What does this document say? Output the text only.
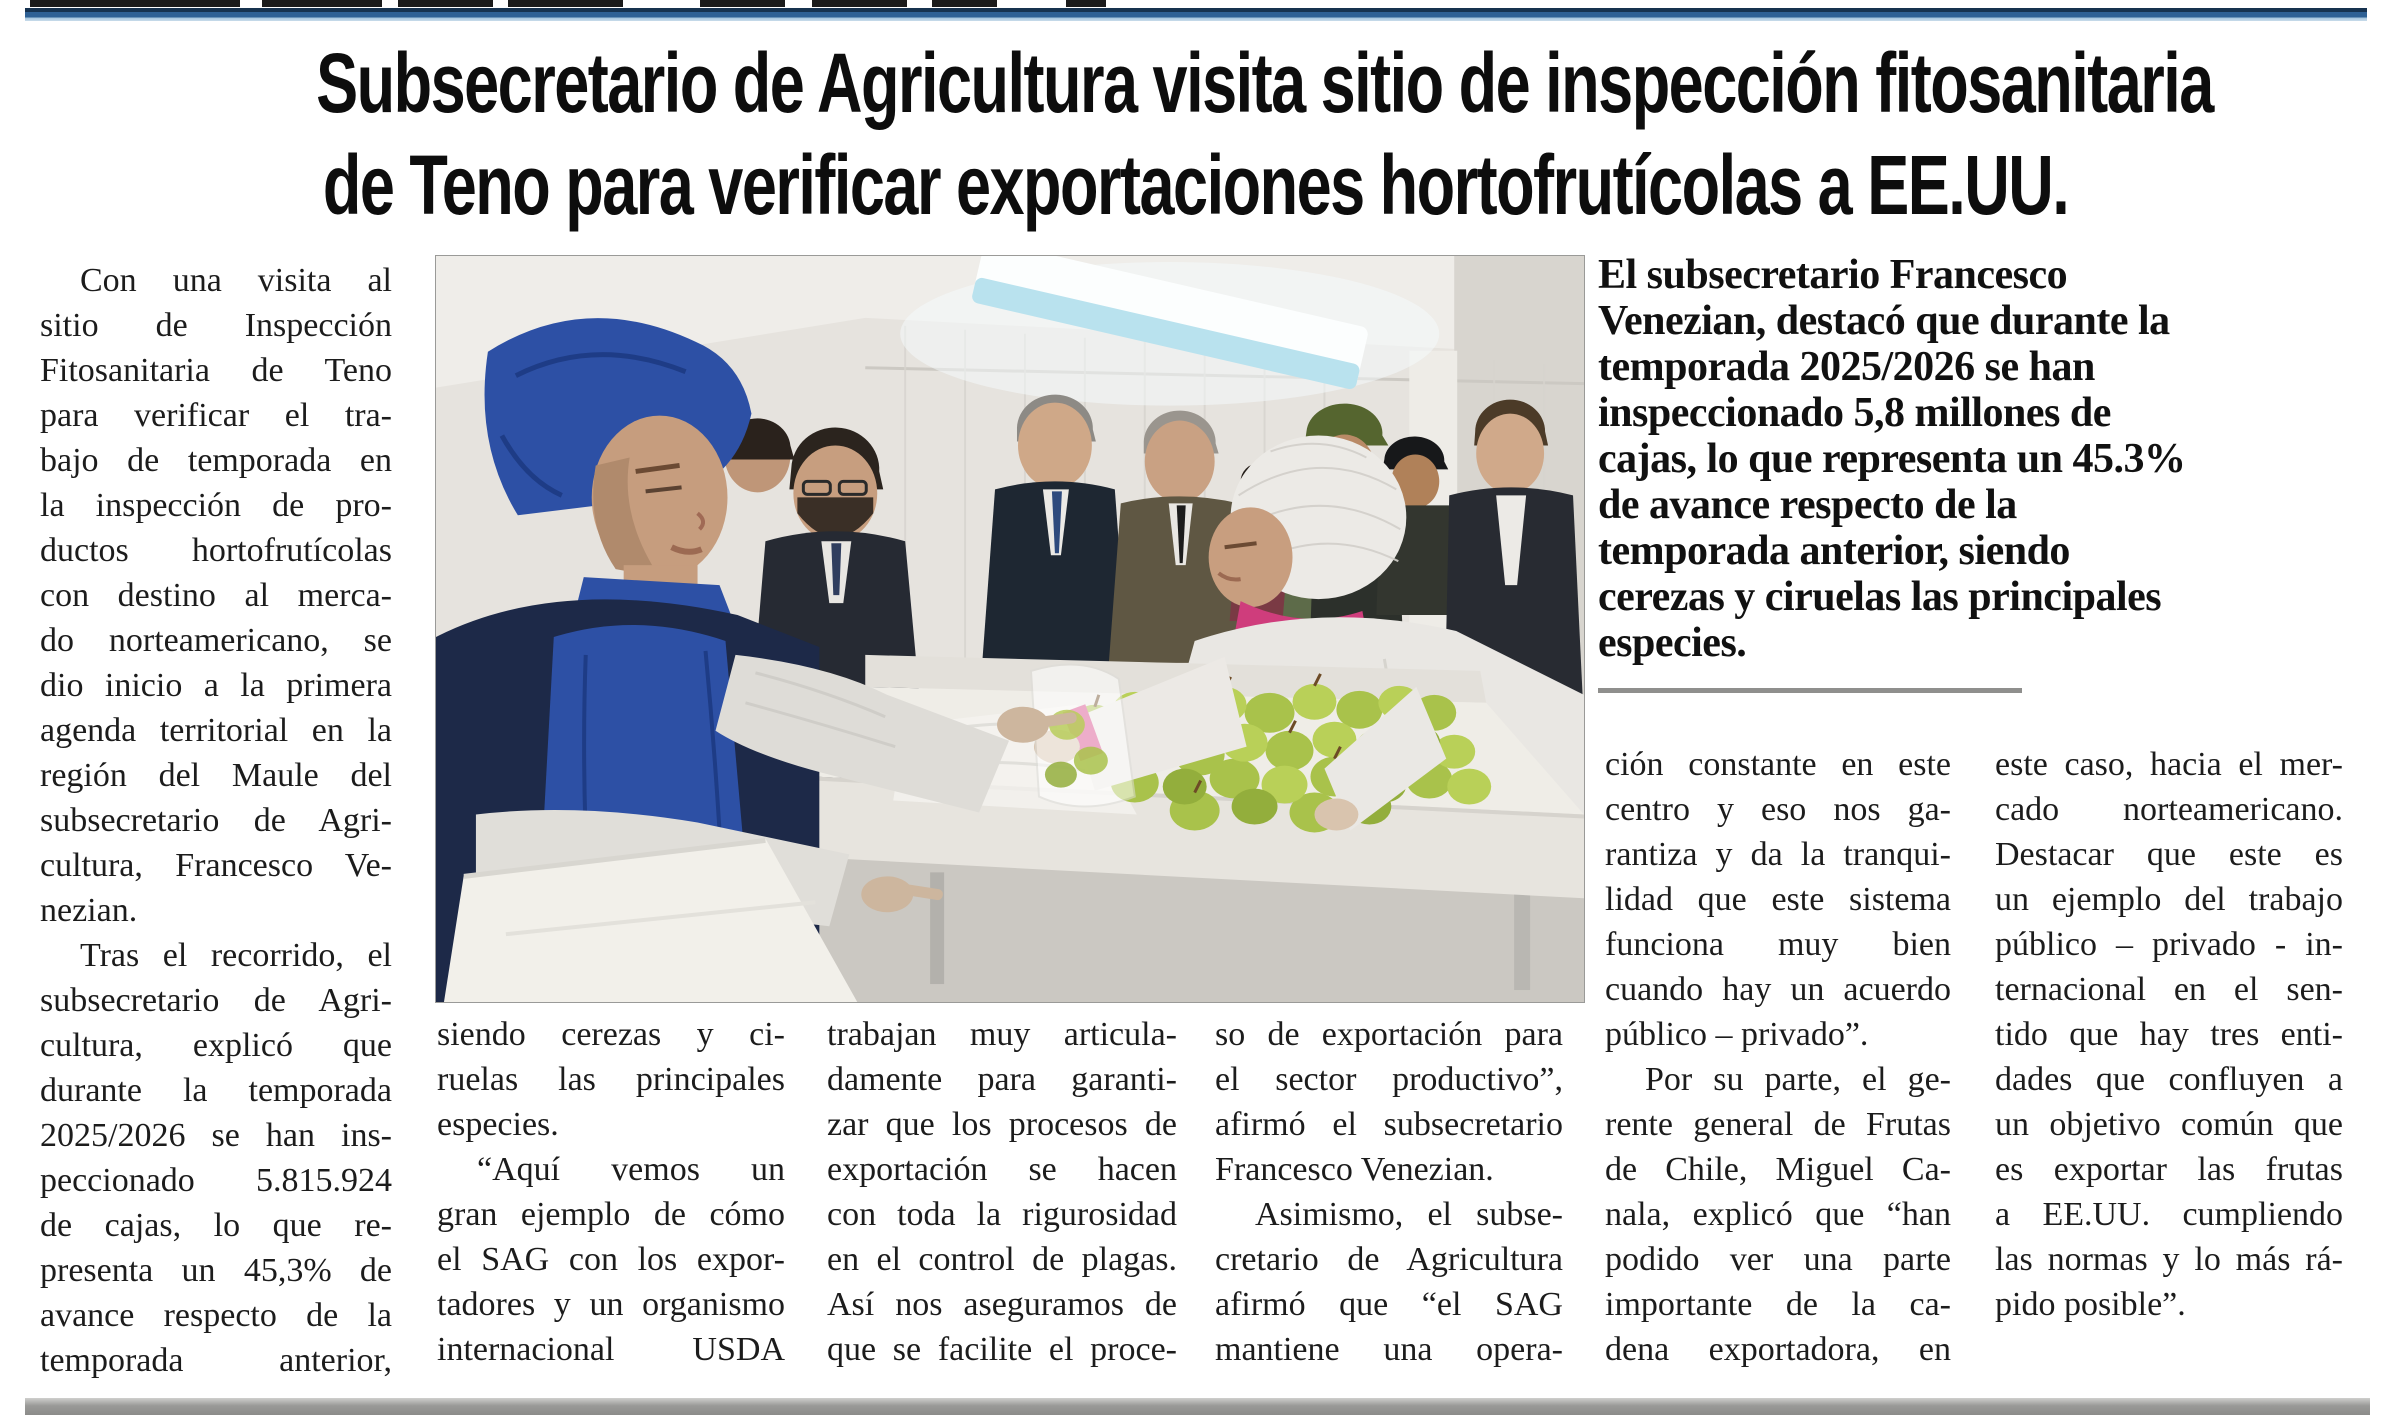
Subsecretario de Agricultura visita sitio de inspección fitosanitaria
de Teno para verificar exportaciones hortofrutícolas a EE.UU.
Con una visita al
sitio de Inspección
Fitosanitaria de Teno
para verificar el tra-
bajo de temporada en
la inspección de pro-
ductos hortofrutícolas
con destino al merca-
do norteamericano, se
dio inicio a la primera
agenda territorial en la
región del Maule del
subsecretario de Agri-
cultura, Francesco Ve-
nezian.
Tras el recorrido, el
subsecretario de Agri-
cultura, explicó que
durante la temporada
2025/2026 se han ins-
peccionado 5.815.924
de cajas, lo que re-
presenta un 45,3% de
avance respecto de la
temporada anterior,
El subsecretario Francesco
Venezian, destacó que durante la
temporada 2025/2026 se han
inspeccionado 5,8 millones de
cajas, lo que representa un 45.3%
de avance respecto de la
temporada anterior, siendo
cerezas y ciruelas las principales
especies.
siendo cerezas y ci-
ruelas las principales
especies.
“Aquí vemos un
gran ejemplo de cómo
el SAG con los expor-
tadores y un organismo
internacional USDA
trabajan muy articula-
damente para garanti-
zar que los procesos de
exportación se hacen
con toda la rigurosidad
en el control de plagas.
Así nos aseguramos de
que se facilite el proce-
so de exportación para
el sector productivo”,
afirmó el subsecretario
Francesco Venezian.
Asimismo, el subse-
cretario de Agricultura
afirmó que “el SAG
mantiene una opera-
ción constante en este
centro y eso nos ga-
rantiza y da la tranqui-
lidad que este sistema
funciona muy bien
cuando hay un acuerdo
público – privado”.
Por su parte, el ge-
rente general de Frutas
de Chile, Miguel Ca-
nala, explicó que “han
podido ver una parte
importante de la ca-
dena exportadora, en
este caso, hacia el mer-
cado norteamericano.
Destacar que este es
un ejemplo del trabajo
público – privado - in-
ternacional en el sen-
tido que hay tres enti-
dades que confluyen a
un objetivo común que
es exportar las frutas
a EE.UU. cumpliendo
las normas y lo más rá-
pido posible”.
